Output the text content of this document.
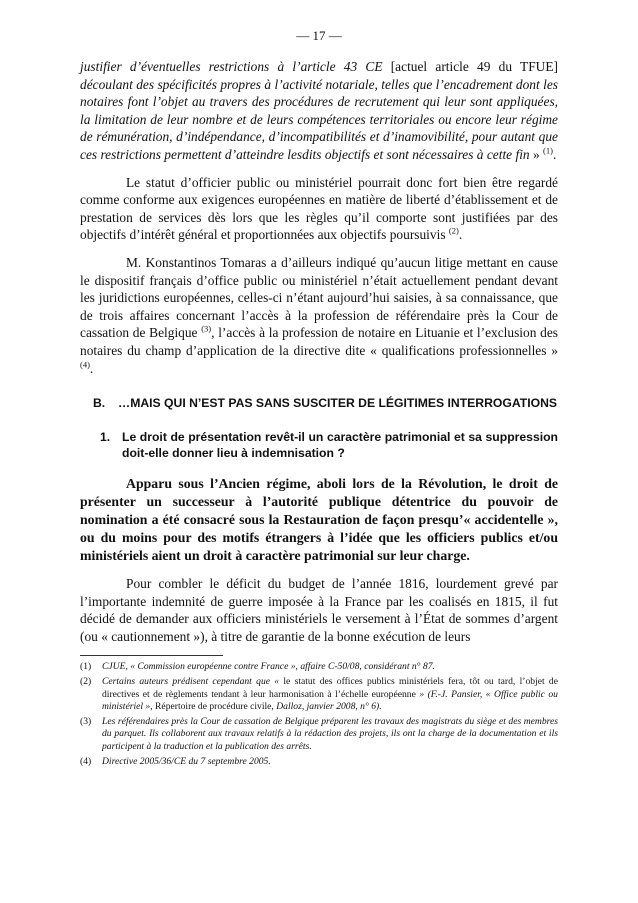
— 17 —

justifier d’éventuelles restrictions à l’article 43 CE [actuel article 49 du TFUE] découlant des spécificités propres à l’activité notariale, telles que l’encadrement dont les notaires font l’objet au travers des procédures de recrutement qui leur sont appliquées, la limitation de leur nombre et de leurs compétences territoriales ou encore leur régime de rémunération, d’indépendance, d’incompatibilités et d’inamovibilité, pour autant que ces restrictions permettent d’atteindre lesdits objectifs et sont nécessaires à cette fin » $^{(1)}$.

Le statut d’officier public ou ministériel pourrait donc fort bien être regardé comme conforme aux exigences européennes en matière de liberté d’établissement et de prestation de services dès lors que les règles qu’il comporte sont justifiées par des objectifs d’intérêt général et proportionnées aux objectifs poursuivis $^{(2)}$.

M. Konstantinos Tomaras a d’ailleurs indiqué qu’aucun litige mettant en cause le dispositif français d’office public ou ministériel n’était actuellement pendant devant les juridictions européennes, celles-ci n’étant aujourd’hui saisies, à sa connaissance, que de trois affaires concernant l’accès à la profession de référendaire près la Cour de cassation de Belgique $^{(3)}$, l’accès à la profession de notaire en Lituanie et l’exclusion des notaires du champ d’application de la directive dite « qualifications professionnelles » $^{(4)}$.

B.	…MAIS QUI N’EST PAS SANS SUSCITER DE LÉGITIMES INTERROGATIONS
1. Le droit de présentation revêt-il un caractère patrimonial et sa suppression doit-elle donner lieu à indemnisation ?

Apparu sous l’Ancien régime, aboli lors de la Révolution, le droit de présenter un successeur à l’autorité publique détentrice du pouvoir de nomination a été consacré sous la Restauration de façon presqu’« accidentelle », ou du moins pour des motifs étrangers à l’idée que les officiers publics et/ou ministériels aient un droit à caractère patrimonial sur leur charge.

Pour combler le déficit du budget de l’année 1816, lourdement grevé par l’importante indemnité de guerre imposée à la France par les coalisés en 1815, il fut décidé de demander aux officiers ministériels le versement à l’État de sommes d’argent (ou « cautionnement »), à titre de garantie de la bonne exécution de leurs

(1)	CJUE, « Commission européenne contre France », affaire C-50/08, considérant n° 87.
(2)	Certains auteurs prédisent cependant que « le statut des offices publics ministériels fera, tôt ou tard, l’objet de directives et de règlements tendant à leur harmonisation à l’échelle européenne » (F.-J. Pansier, « Office public ou ministériel », Répertoire de procédure civile, Dalloz, janvier 2008, n° 6).
(3)	Les référendaires près la Cour de cassation de Belgique préparent les travaux des magistrats du siège et des membres du parquet. Ils collaborent aux travaux relatifs à la rédaction des projets, ils ont la charge de la documentation et ils participent à la traduction et la publication des arrêts.
(4)	Directive 2005/36/CE du 7 septembre 2005.
